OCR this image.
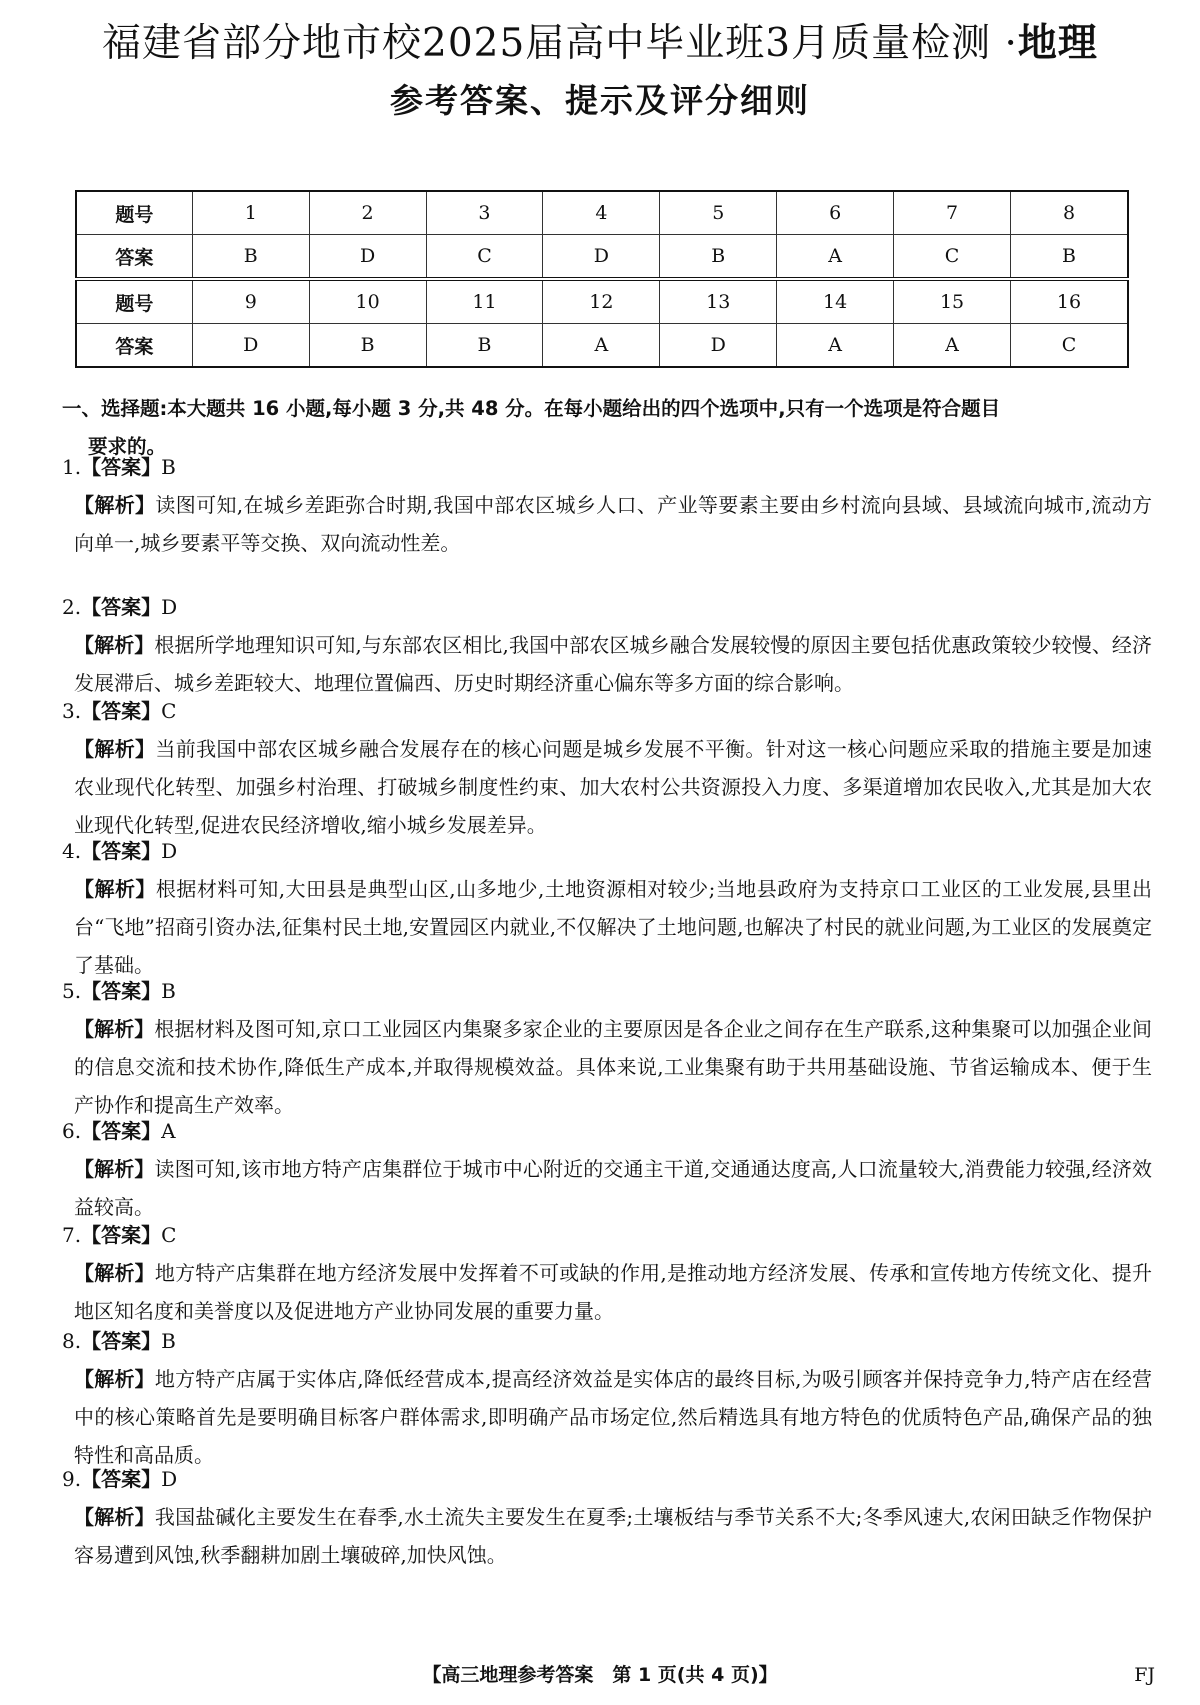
福建省部分地市校2025届高中毕业班3月质量检测 ·地理
参考答案、提示及评分细则
题号	1	2	3	4	5	6	7	8
答案	B	D	C	D	B	A	C	B
题号	9	10	11	12	13	14	15	16
答案	D	B	B	A	D	A	A	C
一、选择题:本大题共 16 小题,每小题 3 分,共 48 分。在每小题给出的四个选项中,只有一个选项是符合题目
要求的。
1.【答案】B
【解析】读图可知,在城乡差距弥合时期,我国中部农区城乡人口、产业等要素主要由乡村流向县域、县域流向城市,流动方向单一,城乡要素平等交换、双向流动性差。
2.【答案】D
【解析】根据所学地理知识可知,与东部农区相比,我国中部农区城乡融合发展较慢的原因主要包括优惠政策较少较慢、经济发展滞后、城乡差距较大、地理位置偏西、历史时期经济重心偏东等多方面的综合影响。
3.【答案】C
【解析】当前我国中部农区城乡融合发展存在的核心问题是城乡发展不平衡。针对这一核心问题应采取的措施主要是加速农业现代化转型、加强乡村治理、打破城乡制度性约束、加大农村公共资源投入力度、多渠道增加农民收入,尤其是加大农业现代化转型,促进农民经济增收,缩小城乡发展差异。
4.【答案】D
【解析】根据材料可知,大田县是典型山区,山多地少,土地资源相对较少;当地县政府为支持京口工业区的工业发展,县里出台“飞地”招商引资办法,征集村民土地,安置园区内就业,不仅解决了土地问题,也解决了村民的就业问题,为工业区的发展奠定了基础。
5.【答案】B
【解析】根据材料及图可知,京口工业园区内集聚多家企业的主要原因是各企业之间存在生产联系,这种集聚可以加强企业间的信息交流和技术协作,降低生产成本,并取得规模效益。具体来说,工业集聚有助于共用基础设施、节省运输成本、便于生产协作和提高生产效率。
6.【答案】A
【解析】读图可知,该市地方特产店集群位于城市中心附近的交通主干道,交通通达度高,人口流量较大,消费能力较强,经济效益较高。
7.【答案】C
【解析】地方特产店集群在地方经济发展中发挥着不可或缺的作用,是推动地方经济发展、传承和宣传地方传统文化、提升地区知名度和美誉度以及促进地方产业协同发展的重要力量。
8.【答案】B
【解析】地方特产店属于实体店,降低经营成本,提高经济效益是实体店的最终目标,为吸引顾客并保持竞争力,特产店在经营中的核心策略首先是要明确目标客户群体需求,即明确产品市场定位,然后精选具有地方特色的优质特色产品,确保产品的独特性和高品质。
9.【答案】D
【解析】我国盐碱化主要发生在春季,水土流失主要发生在夏季;土壤板结与季节关系不大;冬季风速大,农闲田缺乏作物保护容易遭到风蚀,秋季翻耕加剧土壤破碎,加快风蚀。
【高三地理参考答案　第 1 页(共 4 页)】	FJ
